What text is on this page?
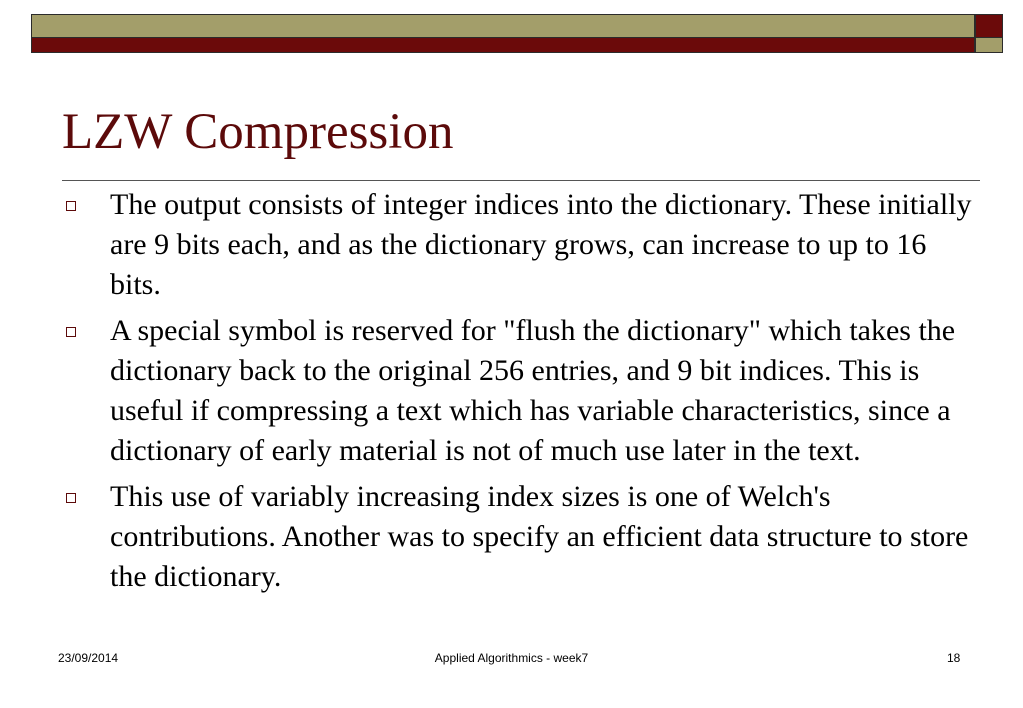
LZW Compression
The output consists of integer indices into the dictionary. These initially are 9 bits each, and as the dictionary grows, can increase to up to 16 bits.
A special symbol is reserved for "flush the dictionary" which takes the dictionary back to the original 256 entries, and 9 bit indices. This is useful if compressing a text which has variable characteristics, since a dictionary of early material is not of much use later in the text.
This use of variably increasing index sizes is one of Welch's contributions. Another was to specify an efficient data structure to store the dictionary.
23/09/2014	Applied Algorithmics - week7	18
